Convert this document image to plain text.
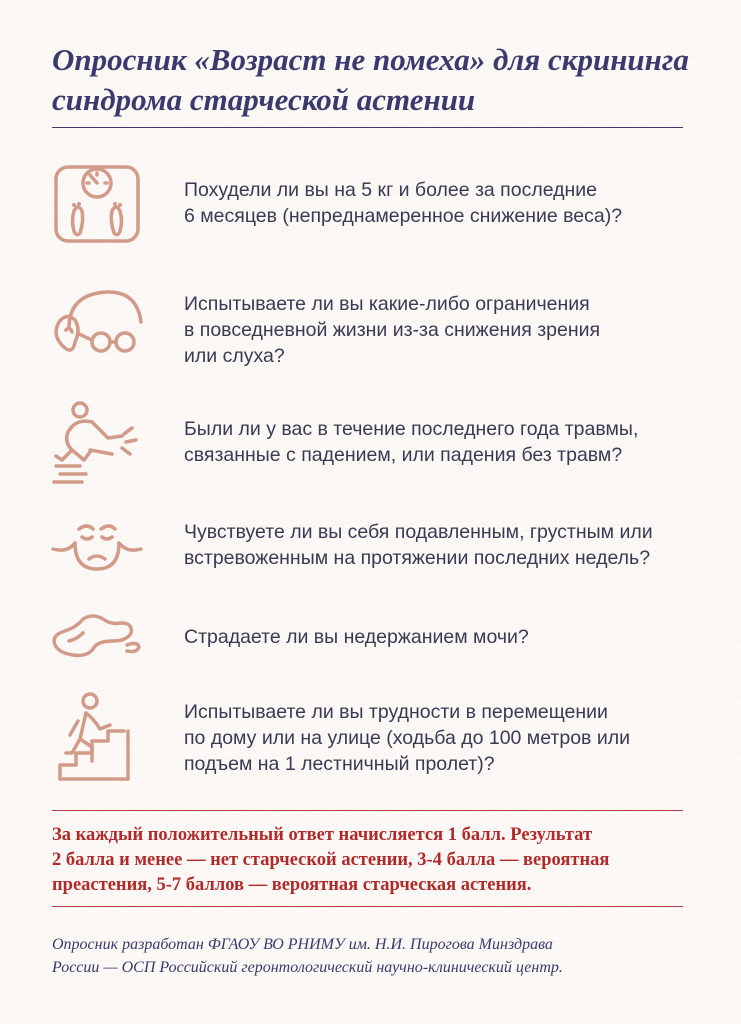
Опросник «Возраст не помеха» для скрининга
синдрома старческой астении
Похудели ли вы на 5 кг и более за последние
6 месяцев (непреднамеренное снижение веса)?
Испытываете ли вы какие-либо ограничения
в повседневной жизни из-за снижения зрения
или слуха?
Были ли у вас в течение последнего года травмы,
связанные с падением, или падения без травм?
Чувствуете ли вы себя подавленным, грустным или
встревоженным на протяжении последних недель?
Страдаете ли вы недержанием мочи?
Испытываете ли вы трудности в перемещении
по дому или на улице (ходьба до 100 метров или
подъем на 1 лестничный пролет)?
За каждый положительный ответ начисляется 1 балл. Результат
2 балла и менее — нет старческой астении, 3-4 балла — вероятная
преастения, 5-7 баллов — вероятная старческая астения.
Опросник разработан ФГАОУ ВО РНИМУ им. Н.И. Пирогова Минздрава
России — ОСП Российский геронтологический научно-клинический центр.
